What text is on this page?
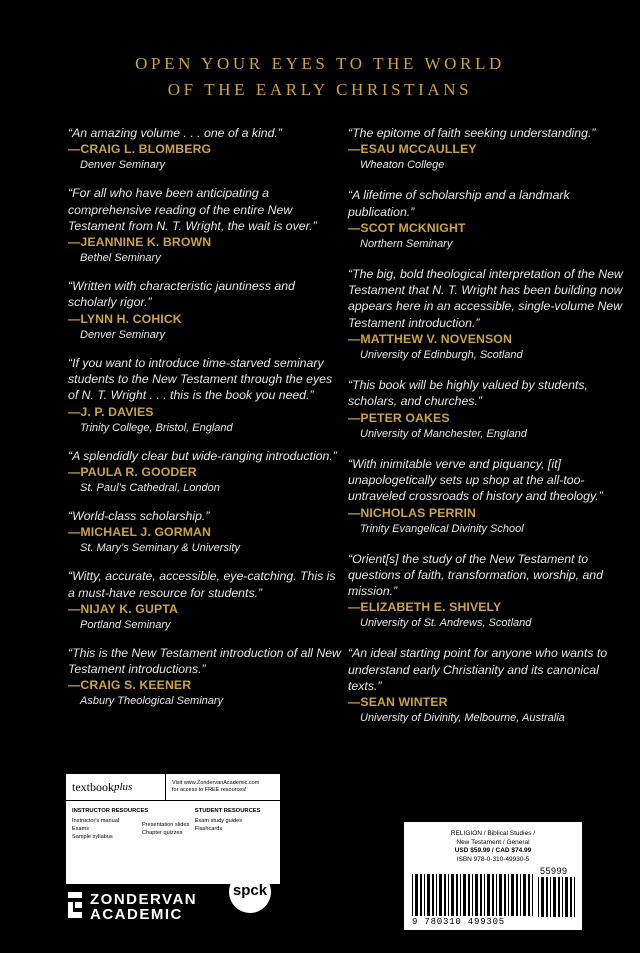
OPEN YOUR EYES TO THE WORLD
OF THE EARLY CHRISTIANS
“An amazing volume . . . one of a kind.”
—CRAIG L. BLOMBERG
Denver Seminary
“For all who have been anticipating a comprehensive reading of the entire New Testament from N. T. Wright, the wait is over.”
—JEANNINE K. BROWN
Bethel Seminary
“Written with characteristic jauntiness and scholarly rigor.”
—LYNN H. COHICK
Denver Seminary
“If you want to introduce time-starved seminary students to the New Testament through the eyes of N. T. Wright . . . this is the book you need.”
—J. P. DAVIES
Trinity College, Bristol, England
“A splendidly clear but wide-ranging introduction.”
—PAULA R. GOODER
St. Paul’s Cathedral, London
“World-class scholarship.”
—MICHAEL J. GORMAN
St. Mary’s Seminary & University
“Witty, accurate, accessible, eye-catching. This is a must-have resource for students.”
—NIJAY K. GUPTA
Portland Seminary
“This is the New Testament introduction of all New Testament introductions.”
—CRAIG S. KEENER
Asbury Theological Seminary
“The epitome of faith seeking understanding.”
—ESAU MCCAULLEY
Wheaton College
“A lifetime of scholarship and a landmark publication.”
—SCOT MCKNIGHT
Northern Seminary
“The big, bold theological interpretation of the New Testament that N. T. Wright has been building now appears here in an accessible, single-volume New Testament introduction.”
—MATTHEW V. NOVENSON
University of Edinburgh, Scotland
“This book will be highly valued by students, scholars, and churches.”
—PETER OAKES
University of Manchester, England
“With inimitable verve and piquancy, [it] unapologetically sets up shop at the all-too-untraveled crossroads of history and theology.”
—NICHOLAS PERRIN
Trinity Evangelical Divinity School
“Orient[s] the study of the New Testament to questions of faith, transformation, worship, and mission.”
—ELIZABETH E. SHIVELY
University of St. Andrews, Scotland
“An ideal starting point for anyone who wants to understand early Christianity and its canonical texts.”
—SEAN WINTER
University of Divinity, Melbourne, Australia
textbook plus	Visit www.ZondervanAcademic.com
for access to FREE resources!
INSTRUCTOR RESOURCES
Instructor's manual
Exams
Sample syllabus
Presentation slides
Chapter quizzes
STUDENT RESOURCES
Exam study guides
Flashcards
ZONDERVAN
ACADEMIC
spck
RELIGION / Biblical Studies /
New Testament / General
USD $59.99 / CAD $74.99
ISBN 978-0-310-49930-5
55999
9 780310 499305
